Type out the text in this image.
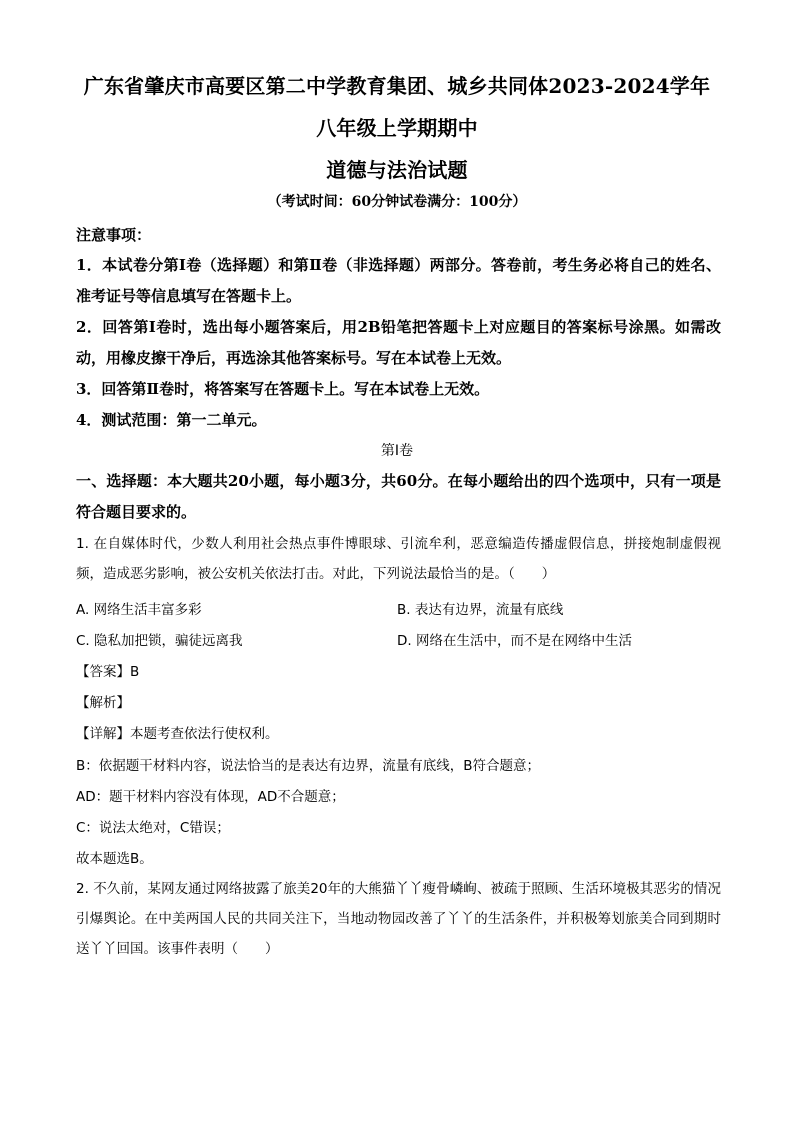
广东省肇庆市高要区第二中学教育集团、城乡共同体2023-2024学年
八年级上学期期中
道德与法治试题
（考试时间：60分钟试卷满分：100分）
注意事项：
1．本试卷分第Ⅰ卷（选择题）和第Ⅱ卷（非选择题）两部分。答卷前，考生务必将自己的姓名、准考证号等信息填写在答题卡上。
2．回答第Ⅰ卷时，选出每小题答案后，用2B铅笔把答题卡上对应题目的答案标号涂黑。如需改动，用橡皮擦干净后，再选涂其他答案标号。写在本试卷上无效。
3．回答第Ⅱ卷时，将答案写在答题卡上。写在本试卷上无效。
4．测试范围：第一二单元。
第Ⅰ卷
一、选择题：本大题共20小题，每小题3分，共60分。在每小题给出的四个选项中，只有一项是符合题目要求的。
1. 在自媒体时代，少数人利用社会热点事件博眼球、引流牟利，恶意编造传播虚假信息，拼接炮制虚假视频，造成恶劣影响，被公安机关依法打击。对此，下列说法最恰当的是。（　　）
A. 网络生活丰富多彩	B. 表达有边界，流量有底线
C. 隐私加把锁，骗徒远离我	D. 网络在生活中，而不是在网络中生活
【答案】B
【解析】
【详解】本题考查依法行使权利。
B：依据题干材料内容，说法恰当的是表达有边界，流量有底线，B符合题意；
AD：题干材料内容没有体现，AD不合题意；
C：说法太绝对，C错误；
故本题选B。
2. 不久前，某网友通过网络披露了旅美20年的大熊猫丫丫瘦骨嶙峋、被疏于照顾、生活环境极其恶劣的情况引爆舆论。在中美两国人民的共同关注下，当地动物园改善了丫丫的生活条件，并积极筹划旅美合同到期时送丫丫回国。该事件表明（　　）
